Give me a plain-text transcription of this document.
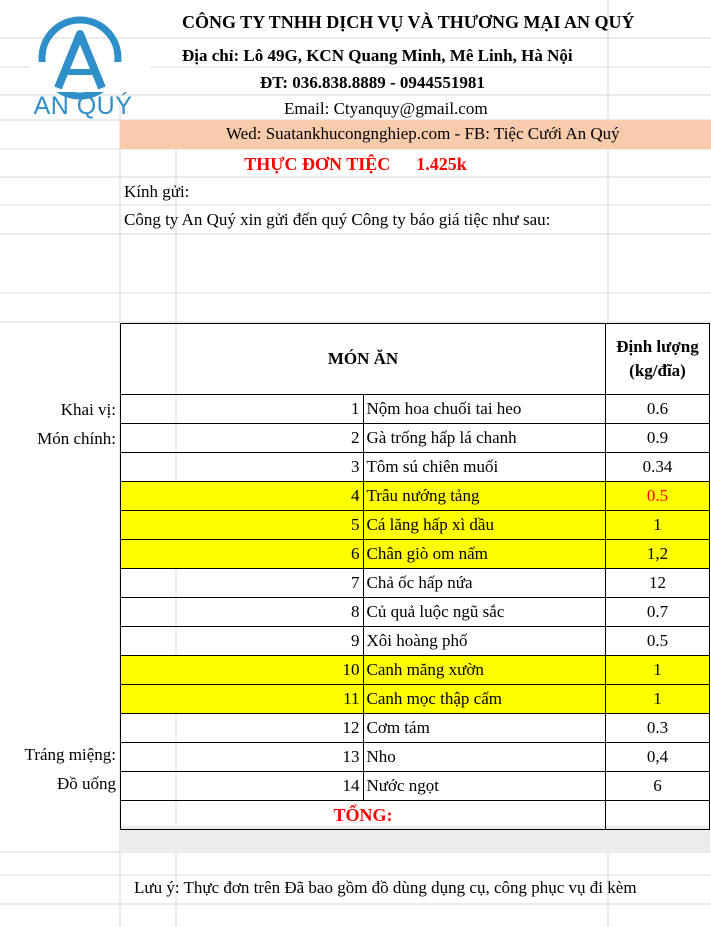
AN QUÝ
CÔNG TY TNHH DỊCH VỤ VÀ THƯƠNG MẠI AN QUÝ
Địa chỉ: Lô 49G, KCN Quang Minh, Mê Linh, Hà Nội
ĐT: 036.838.8889 - 0944551981
Email: Ctyanquy@gmail.com
Wed: Suatankhucongnghiep.com - FB: Tiệc Cưới An Quý
THỰC ĐƠN TIỆC 1.425k
Kính gửi:
Công ty An Quý xin gửi đến quý Công ty báo giá tiệc như sau:
Khai vị:
Món chính:
Tráng miệng:
Đồ uống
MÓN ĂN		Định lượng
(kg/đĩa)

1	Nộm hoa chuối tai heo	0.6
2	Gà trống hấp lá chanh	0.9
3	Tôm sú chiên muối	0.34
4	Trâu nướng tảng	0.5
5	Cá lăng hấp xì dầu	1
6	Chân giò om nấm	1,2
7	Chả ốc hấp nứa	12
8	Củ quả luộc ngũ sắc	0.7
9	Xôi hoàng phố	0.5
10	Canh măng xườn	1
11	Canh mọc thập cẩm	1
12	Cơm tám	0.3
13	Nho	0,4
14	Nước ngọt	6
TỔNG:		
Lưu ý: Thực đơn trên Đã bao gồm đồ dùng dụng cụ, công phục vụ đi kèm
